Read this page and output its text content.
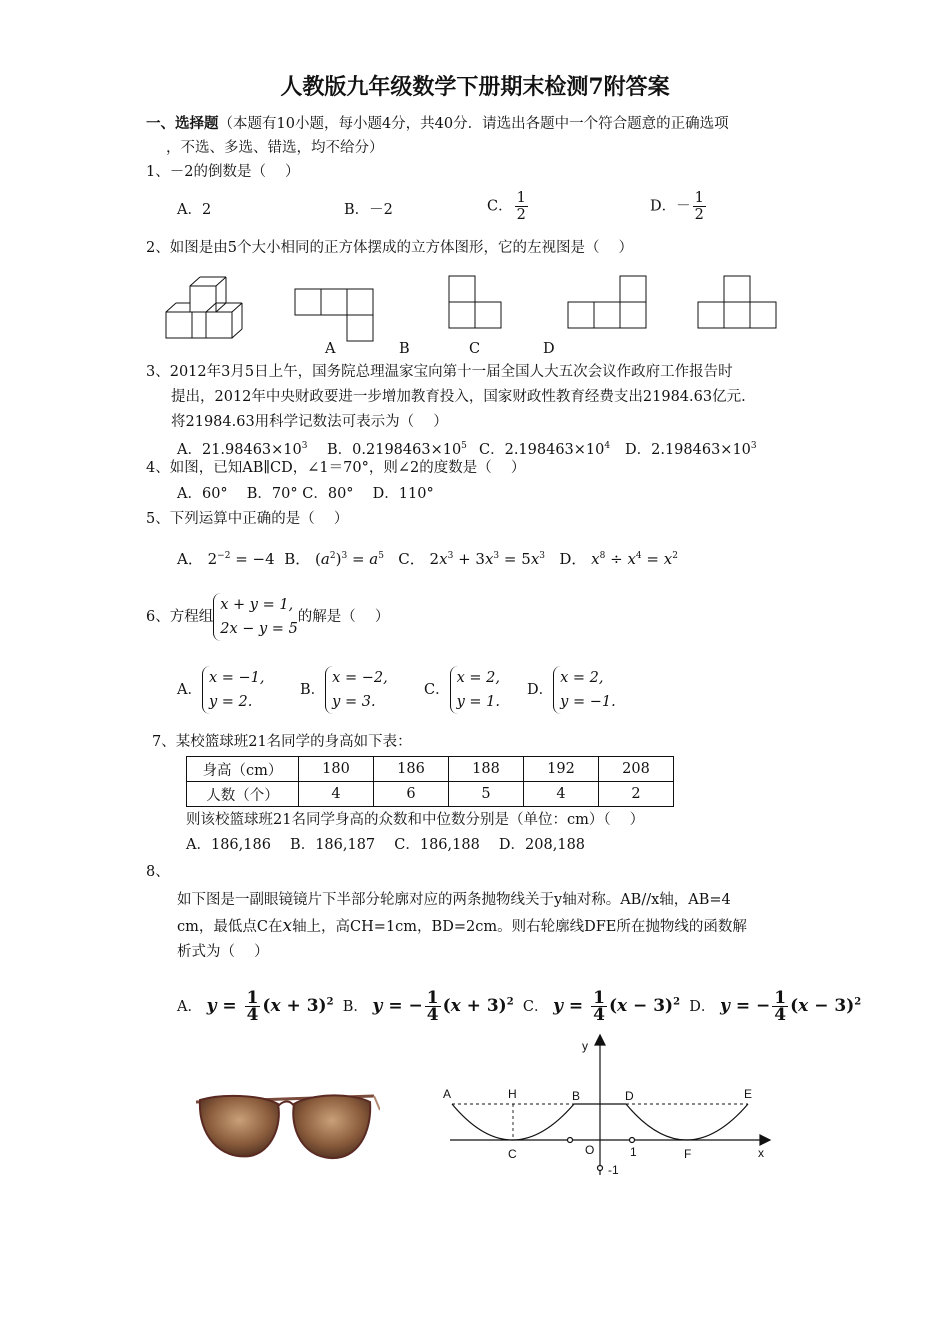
人教版九年级数学下册期末检测7附答案
一、选择题（本题有10小题，每小题4分，共40分．请选出各题中一个符合题意的正确选项
，不选、多选、错选，均不给分）
1、－2的倒数是（　 ）
A．2	B．－2	C． $\frac{1}{2}$	D．－ $\frac{1}{2}$
2、如图是由5个大小相同的正方体摆成的立方体图形，它的左视图是（　 ）
A	B	C	D
3、2012年3月5日上午，国务院总理温家宝向第十一届全国人大五次会议作政府工作报告时
提出，2012年中央财政要进一步增加教育投入，国家财政性教育经费支出21984.63亿元.
将21984.63用科学记数法可表示为（　 ）
A．$21.98463\times 10^3$ B．$0.2198463\times 10^5$ C．$2.198463\times 10^4$ D．$2.198463\times 10^3$
4、如图，已知AB∥CD，∠1＝70°，则∠2的度数是（　 ）
A．60°　 B．70° C．80°　 D．110°
5、下列运算中正确的是（　 ）
A． $2^{-2} = -4$ B． $(a^2)^3 = a^5$ C． $2x^3 + 3x^3 = 5x^3$ D． $x^8 \div x^4 = x^2$
6、方程组
x + y = 1,
2x − y = 5
的解是（　 ）
A．
x = −1,
y = 2.
B．
x = −2,
y = 3.
C．
x = 2,
y = 1.
D．
x = 2,
y = −1.
7、某校篮球班21名同学的身高如下表：
身高（cm）	180	186	188	192	208
人数（个）	4	6	5	4	2
则该校篮球班21名同学身高的众数和中位数分别是（单位：cm）（　 ）
A．186,186　 B．186,187　 C．186,188　 D．208,188
8、
如下图是一副眼镜镜片下半部分轮廓对应的两条抛物线关于y轴对称。AB//x轴，AB=4
cm，最低点C在x轴上，高CH=1cm，BD=2cm。则右轮廓线DFE所在抛物线的函数解
析式为（　 ）
A． $y = \frac{1}{4} (x + 3)^2$ B． y = − $\frac{1}{4} (x + 3)^2$ C． $y = \frac{1}{4} (x - 3)^2$ D． y = − $\frac{1}{4} (x - 3)^2$
A	H	B	D	E
C	O	1	F	x
y
-1
